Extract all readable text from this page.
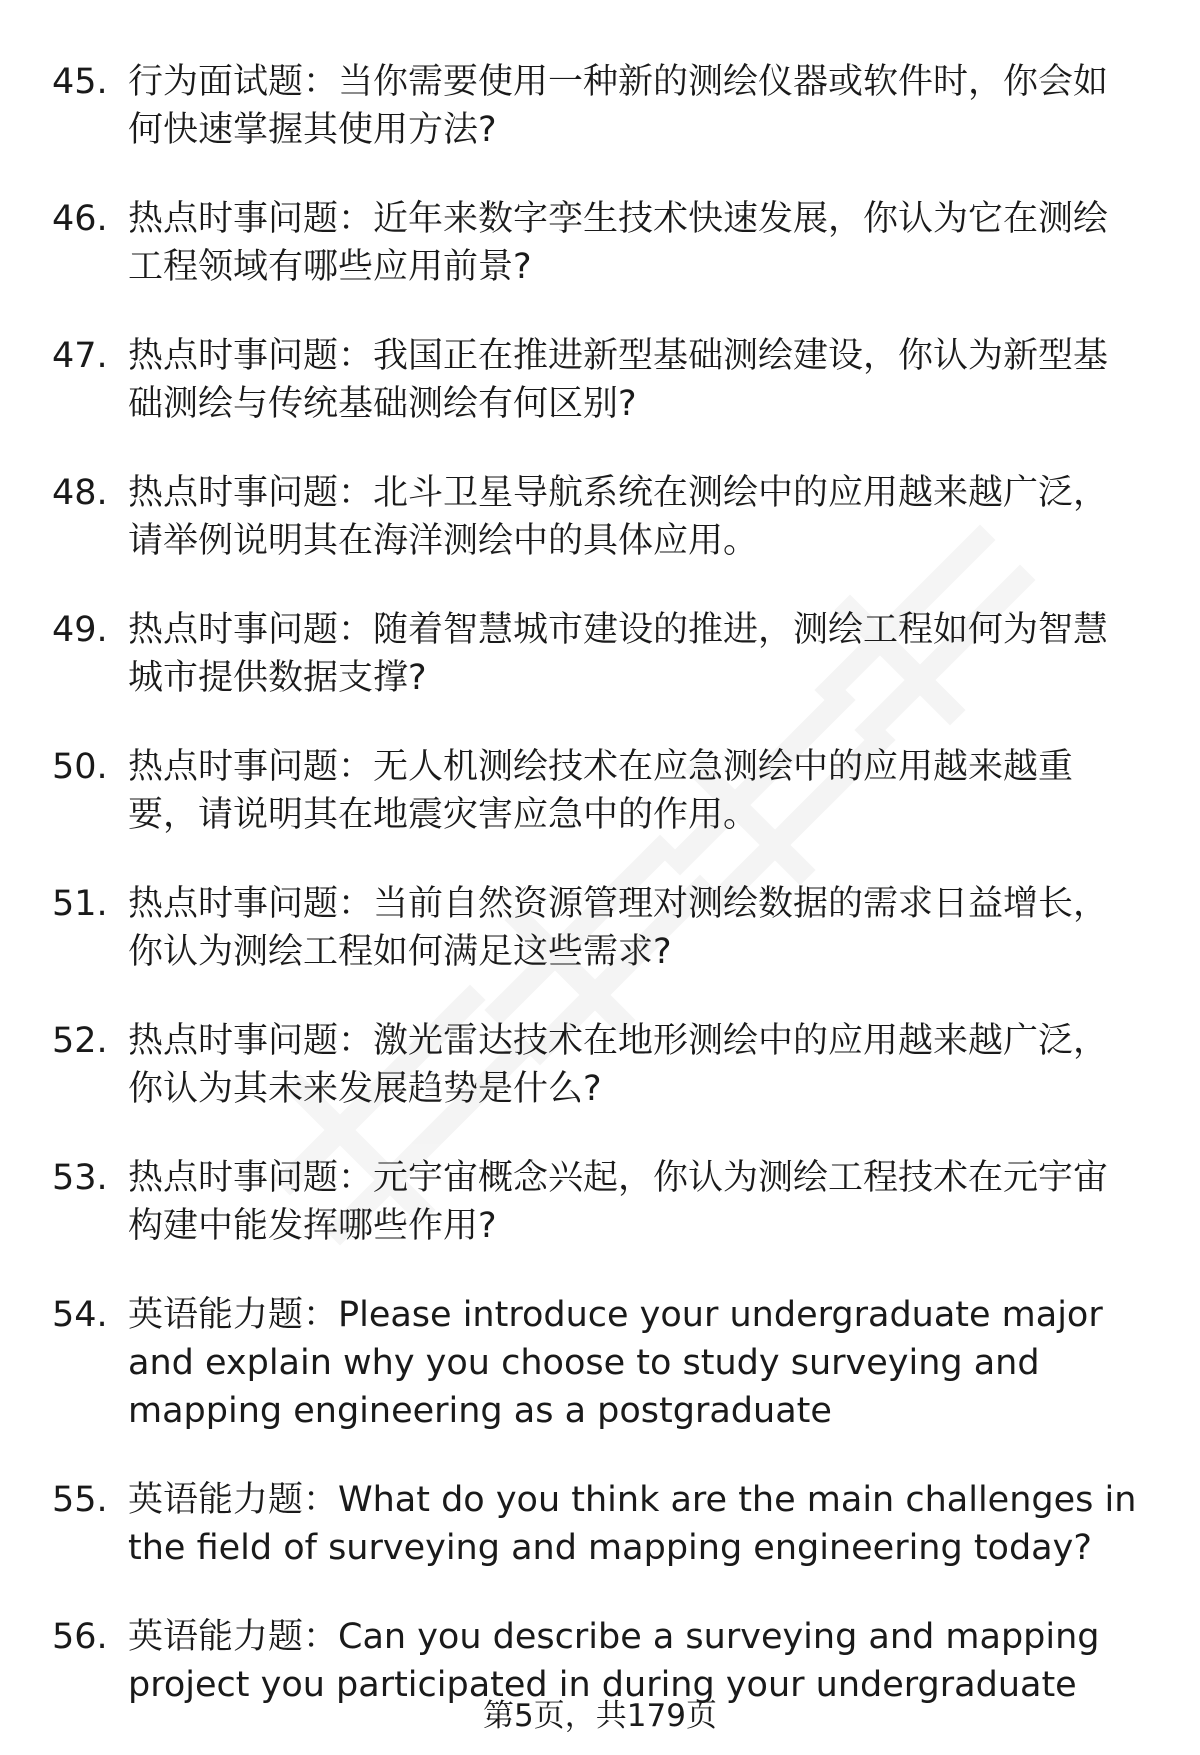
45. 行为面试题：当你需要使用一种新的测绘仪器或软件时，你会如何快速掌握其使用方法?
46. 热点时事问题：近年来数字孪生技术快速发展，你认为它在测绘工程领域有哪些应用前景?
47. 热点时事问题：我国正在推进新型基础测绘建设，你认为新型基础测绘与传统基础测绘有何区别?
48. 热点时事问题：北斗卫星导航系统在测绘中的应用越来越广泛，请举例说明其在海洋测绘中的具体应用。
49. 热点时事问题：随着智慧城市建设的推进，测绘工程如何为智慧城市提供数据支撑?
50. 热点时事问题：无人机测绘技术在应急测绘中的应用越来越重要，请说明其在地震灾害应急中的作用。
51. 热点时事问题：当前自然资源管理对测绘数据的需求日益增长，你认为测绘工程如何满足这些需求?
52. 热点时事问题：激光雷达技术在地形测绘中的应用越来越广泛，你认为其未来发展趋势是什么?
53. 热点时事问题：元宇宙概念兴起，你认为测绘工程技术在元宇宙构建中能发挥哪些作用?
54. 英语能力题：Please introduce your undergraduate major and explain why you choose to study surveying and mapping engineering as a postgraduate
55. 英语能力题：What do you think are the main challenges in the field of surveying and mapping engineering today?
56. 英语能力题：Can you describe a surveying and mapping project you participated in during your undergraduate
第5页，共179页
